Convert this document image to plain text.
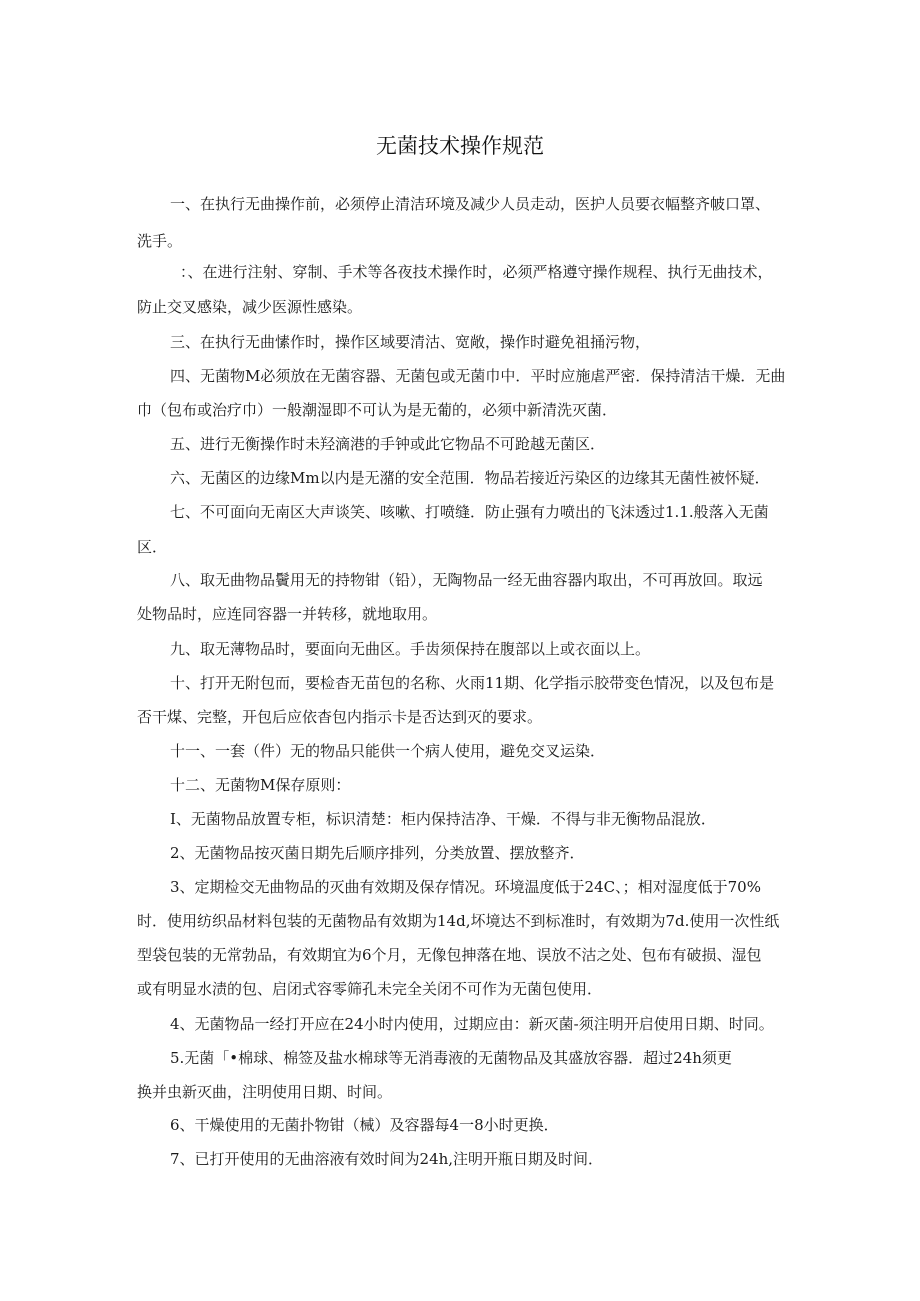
无菌技术操作规范
一、在执行无曲操作前，必须停止清洁环境及减少人员走动，医护人员要衣幅整齐帔口罩、
洗手。
：、在进行注射、穿制、手术等各夜技术操作时，必须严格遵守操作规程、执行无曲技术，
防止交叉感染，减少医源性感染。
三、在执行无曲愫作时，操作区域要清沽、宽敞，操作时避免祖捅污物，
四、无菌物M必须放在无菌容器、无菌包或无菌巾中．平时应施虐严密．保持清洁干燥．无曲
巾（包布或治疗巾）一般潮湿即不可认为是无葡的，必须中新清洗灭菌．
五、进行无衡操作时未羟滴港的手钟或此它物品不可跄越无菌区．
六、无菌区的边缘Mm以内是无潴的安全范围．物品若接近污染区的边缘其无菌性被怀疑．
七、不可面向无南区大声谈笑、咳嗽、打喷缝．防止强有力喷出的飞沫透过1.1.般落入无菌
区．
八、取无曲物品鬢用无的持物钳（铅），无陶物品一经无曲容器内取出，不可再放回。取远
处物品时，应连同容器一并转移，就地取用。
九、取无薄物品时，要面向无曲区。手齿须保持在腹部以上或衣面以上。
十、打开无附包而，要检杳无苗包的名称、火雨11期、化学指示胶带变色情况，以及包布是
否干煤、完整，开包后应依杳包内指示卡是否达到灭的要求。
十一、一套（件）无的物品只能供一个病人使用，避免交叉运染．
十二、无菌物M保存原则：
I、无菌物品放置专柜，标识清楚：柜内保持洁净、干燥．不得与非无衡物品混放．
2、无菌物品按灭菌日期先后顺序排列，分类放置、摆放整齐．
3、定期检交无曲物品的灭曲有效期及保存情况。环境温度低于24C、；相对湿度低于70%
时．使用纺织品材料包装的无菌物品有效期为14d,坏境达不到标准时，有效期为7d.使用一次性纸
型袋包装的无常勃品，有效期宜为6个月，无像包抻落在地、误放不沽之处、包布有破损、湿包
或有明显水渍的包、启闭式容零筛孔未完全关闭不可作为无菌包使用．
4、无菌物品一经打开应在24小时内使用，过期应由：新灭菌-须注明开启使用日期、时同。
5.无菌「•棉球、棉签及盐水棉球等无消毒液的无菌物品及其盛放容器．超过24h须更
换并虫新灭曲，注明使用日期、时间。
6、干燥使用的无菌扑物钳（械）及容器每4一8小时更换．
7、已打开使用的无曲溶液有效时间为24h,注明开瓶日期及时间．
